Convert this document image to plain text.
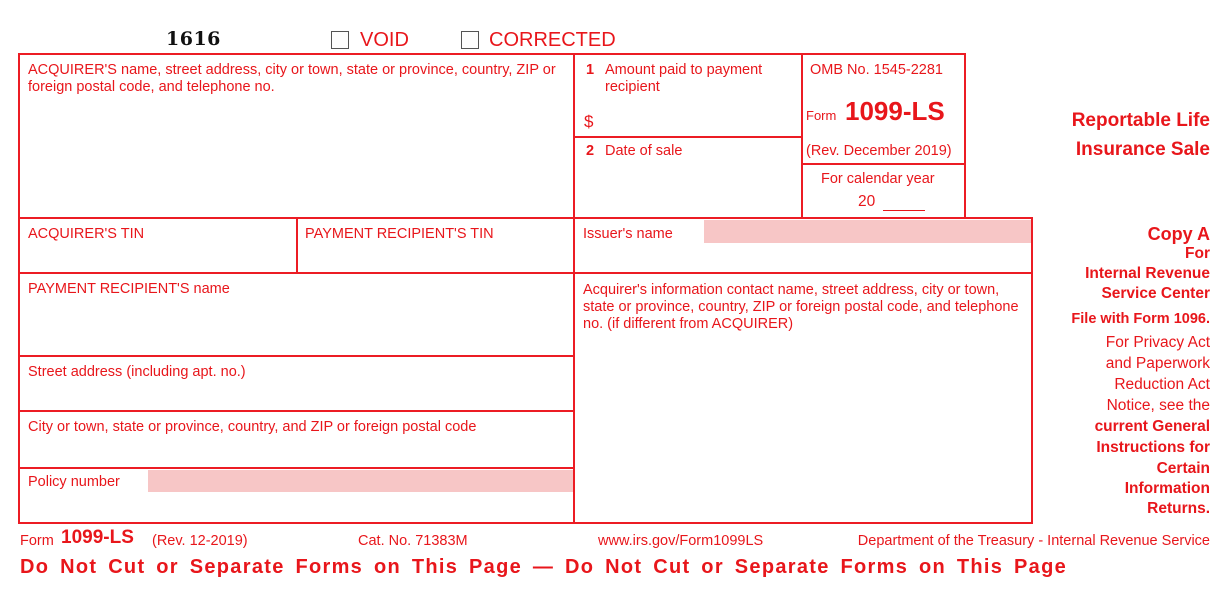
1616	VOID	CORRECTED
ACQUIRER'S name, street address, city or town, state or province, country, ZIP or foreign postal code, and telephone no.
1 Amount paid to payment recipient
$
2 Date of sale
OMB No. 1545-2281
Form 1099-LS
(Rev. December 2019)
For calendar year
20
Reportable Life
Insurance Sale
ACQUIRER'S TIN	PAYMENT RECIPIENT'S TIN	Issuer's name
Acquirer's information contact name, street address, city or town, state or province, country, ZIP or foreign postal code, and telephone no. (if different from ACQUIRER)
PAYMENT RECIPIENT'S name
Street address (including apt. no.)
City or town, state or province, country, and ZIP or foreign postal code
Policy number
Copy A
For
Internal Revenue
Service Center
File with Form 1096.
For Privacy Act
and Paperwork
Reduction Act
Notice, see the
current General
Instructions for
Certain
Information
Returns.
Form 1099-LS (Rev. 12-2019)	Cat. No. 71383M	www.irs.gov/Form1099LS	Department of the Treasury - Internal Revenue Service
Do Not Cut or Separate Forms on This Page — Do Not Cut or Separate Forms on This Page
